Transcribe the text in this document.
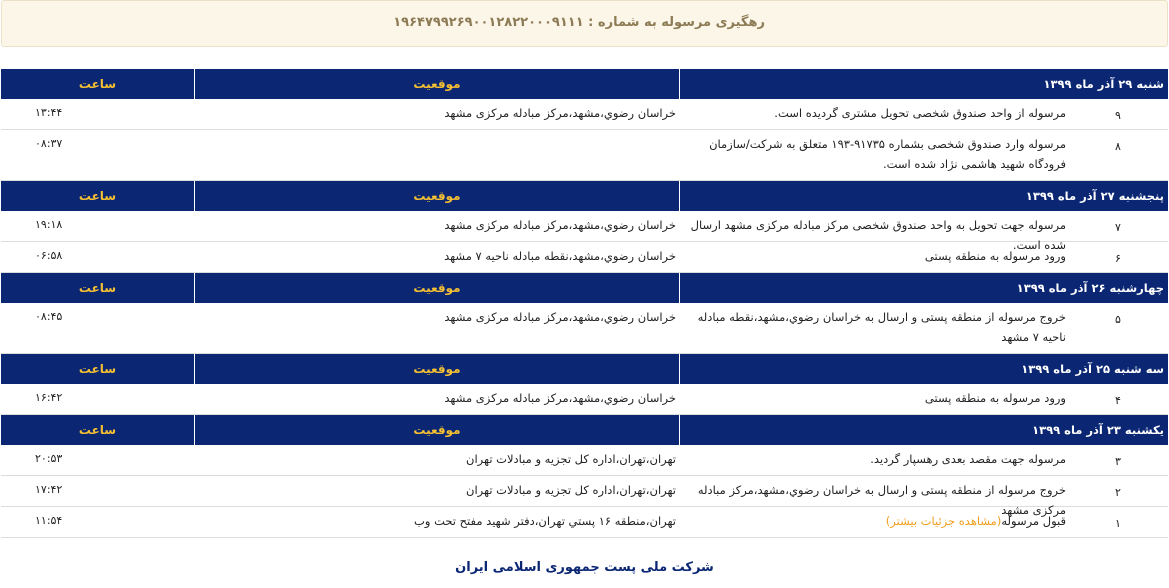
رهگیری مرسوله به شماره : ۱۹۶۴۷۹۹۲۶۹۰۰۱۲۸۲۲۰۰۰۹۱۱۱
شنبه ۲۹ آذر ماه ۱۳۹۹
موقعیت
ساعت
۹
مرسوله از واحد صندوق شخصی تحویل مشتری گردیده است.
خراسان رضوي،مشهد،مرکز مبادله مرکزی مشهد
۱۳:۴۴
۸
مرسوله وارد صندوق شخصی بشماره ۹۱۷۳۵-۱۹۳ متعلق به شرکت/سازمان فرودگاه شهید هاشمی نژاد شده است.
۰۸:۳۷
پنجشنبه ۲۷ آذر ماه ۱۳۹۹
موقعیت
ساعت
۷
مرسوله جهت تحویل به واحد صندوق شخصی مرکز مبادله مرکزی مشهد ارسال شده است.
خراسان رضوي،مشهد،مرکز مبادله مرکزی مشهد
۱۹:۱۸
۶
ورود مرسوله به منطقه پستی
خراسان رضوي،مشهد،نقطه مبادله ناحیه ۷ مشهد
۰۶:۵۸
چهارشنبه ۲۶ آذر ماه ۱۳۹۹
موقعیت
ساعت
۵
خروج مرسوله از منطقه پستی و ارسال به خراسان رضوي،مشهد،نقطه مبادله ناحیه ۷ مشهد
خراسان رضوي،مشهد،مرکز مبادله مرکزی مشهد
۰۸:۴۵
سه شنبه ۲۵ آذر ماه ۱۳۹۹
موقعیت
ساعت
۴
ورود مرسوله به منطقه پستی
خراسان رضوي،مشهد،مرکز مبادله مرکزی مشهد
۱۶:۴۲
یکشنبه ۲۳ آذر ماه ۱۳۹۹
موقعیت
ساعت
۳
مرسوله جهت مقصد بعدی رهسپار گردید.
تهران،تهران،اداره کل تجزیه و مبادلات تهران
۲۰:۵۳
۲
خروج مرسوله از منطقه پستی و ارسال به خراسان رضوي،مشهد،مرکز مبادله مرکزی مشهد
تهران،تهران،اداره کل تجزیه و مبادلات تهران
۱۷:۴۲
۱
قبول مرسوله(مشاهده جزئیات بیشتر)
تهران،منطقه ۱۶ پستي تهران،دفتر شهید مفتح تحت وب
۱۱:۵۴
شرکت ملی پست جمهوری اسلامی ایران
